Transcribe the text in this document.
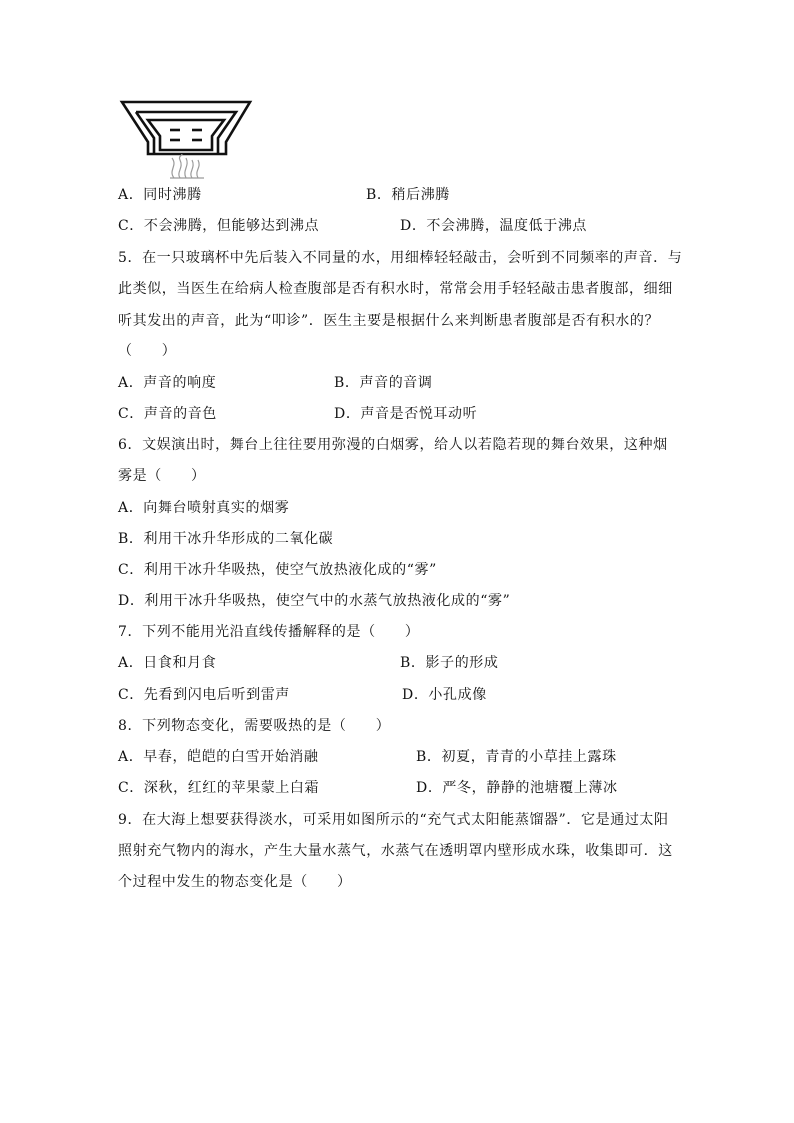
A．同时沸腾	B．稍后沸腾
C．不会沸腾，但能够达到沸点	D．不会沸腾，温度低于沸点
5．在一只玻璃杯中先后装入不同量的水，用细棒轻轻敲击，会听到不同频率的声音．与
此类似，当医生在给病人检查腹部是否有积水时，常常会用手轻轻敲击患者腹部，细细
听其发出的声音，此为“叩诊”．医生主要是根据什么来判断患者腹部是否有积水的？
（　　）
A．声音的响度	B．声音的音调
C．声音的音色	D．声音是否悦耳动听
6．文娱演出时，舞台上往往要用弥漫的白烟雾，给人以若隐若现的舞台效果，这种烟
雾是（　　）
A．向舞台喷射真实的烟雾
B．利用干冰升华形成的二氧化碳
C．利用干冰升华吸热，使空气放热液化成的“雾”
D．利用干冰升华吸热，使空气中的水蒸气放热液化成的“雾”
7．下列不能用光沿直线传播解释的是（　　）
A．日食和月食	B．影子的形成
C．先看到闪电后听到雷声	D．小孔成像
8．下列物态变化，需要吸热的是（　　）
A．早春，皑皑的白雪开始消融	B．初夏，青青的小草挂上露珠
C．深秋，红红的苹果蒙上白霜	D．严冬，静静的池塘覆上薄冰
9．在大海上想要获得淡水，可采用如图所示的“充气式太阳能蒸馏器”．它是通过太阳
照射充气物内的海水，产生大量水蒸气，水蒸气在透明罩内壁形成水珠，收集即可．这
个过程中发生的物态变化是（　　）
